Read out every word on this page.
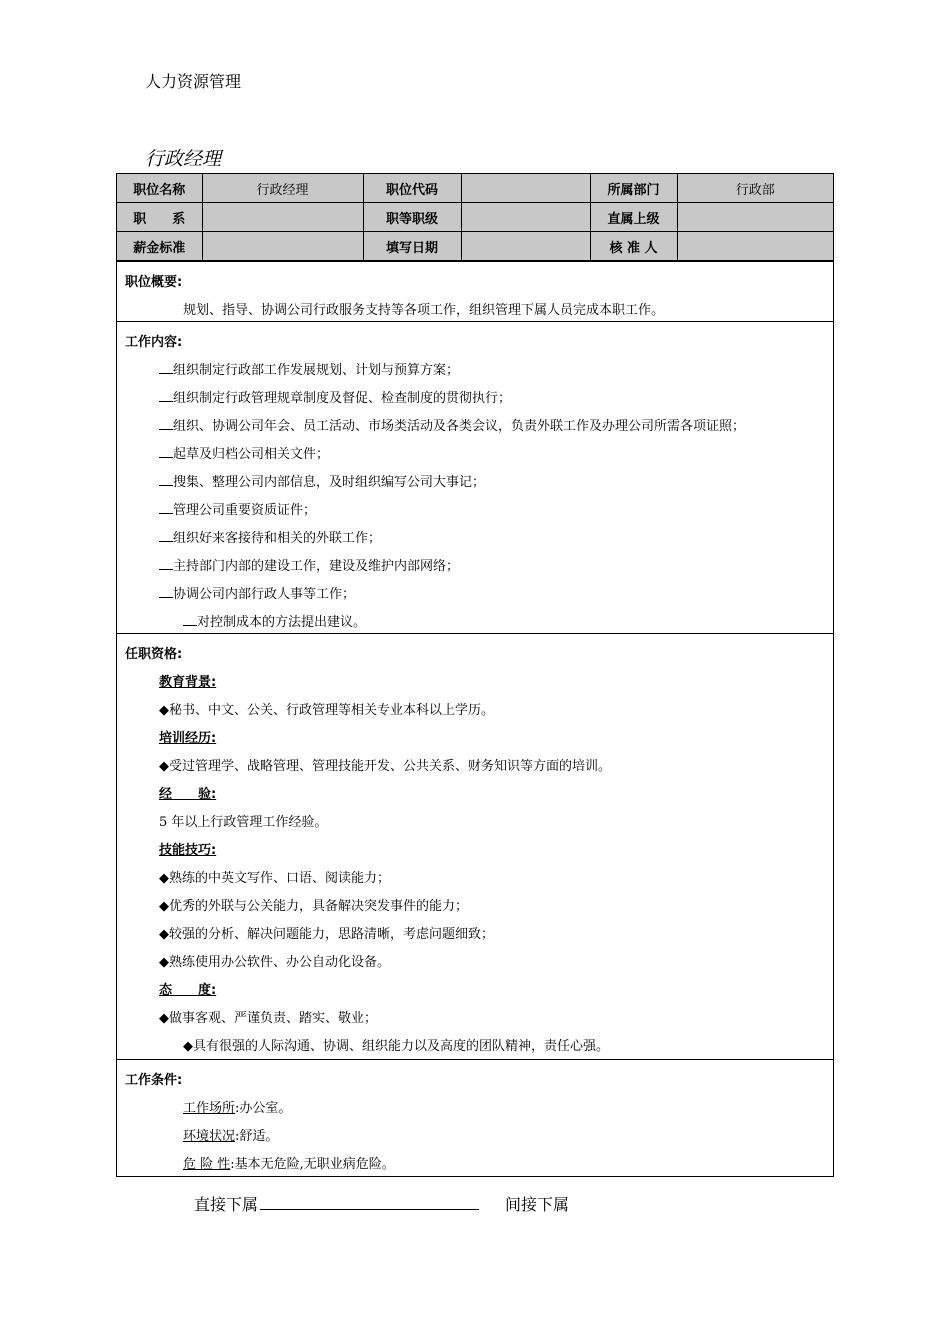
人力资源管理
行政经理
职位名称	行政经理	职位代码		所属部门	行政部
职　　系		职等职级		直属上级	
薪金标准		填写日期		核 准 人	
职位概要:
规划、指导、协调公司行政服务支持等各项工作，组织管理下属人员完成本职工作。
工作内容:
组织制定行政部工作发展规划、计划与预算方案；
组织制定行政管理规章制度及督促、检查制度的贯彻执行；
组织、协调公司年会、员工活动、市场类活动及各类会议，负责外联工作及办理公司所需各项证照；
起草及归档公司相关文件；
搜集、整理公司内部信息，及时组织编写公司大事记；
管理公司重要资质证件；
组织好来客接待和相关的外联工作；
主持部门内部的建设工作，建设及维护内部网络；
协调公司内部行政人事等工作；
对控制成本的方法提出建议。
任职资格:
教育背景:
◆秘书、中文、公关、行政管理等相关专业本科以上学历。
培训经历:
◆受过管理学、战略管理、管理技能开发、公共关系、财务知识等方面的培训。
经　　验:
5 年以上行政管理工作经验。
技能技巧:
◆熟练的中英文写作、口语、阅读能力；
◆优秀的外联与公关能力，具备解决突发事件的能力；
◆较强的分析、解决问题能力，思路清晰，考虑问题细致；
◆熟练使用办公软件、办公自动化设备。
态　　度:
◆做事客观、严谨负责、踏实、敬业；
◆具有很强的人际沟通、协调、组织能力以及高度的团队精神，责任心强。
工作条件:
工作场所:办公室。
环境状况:舒适。
危 险 性:基本无危险,无职业病危险。
直接下属	间接下属
